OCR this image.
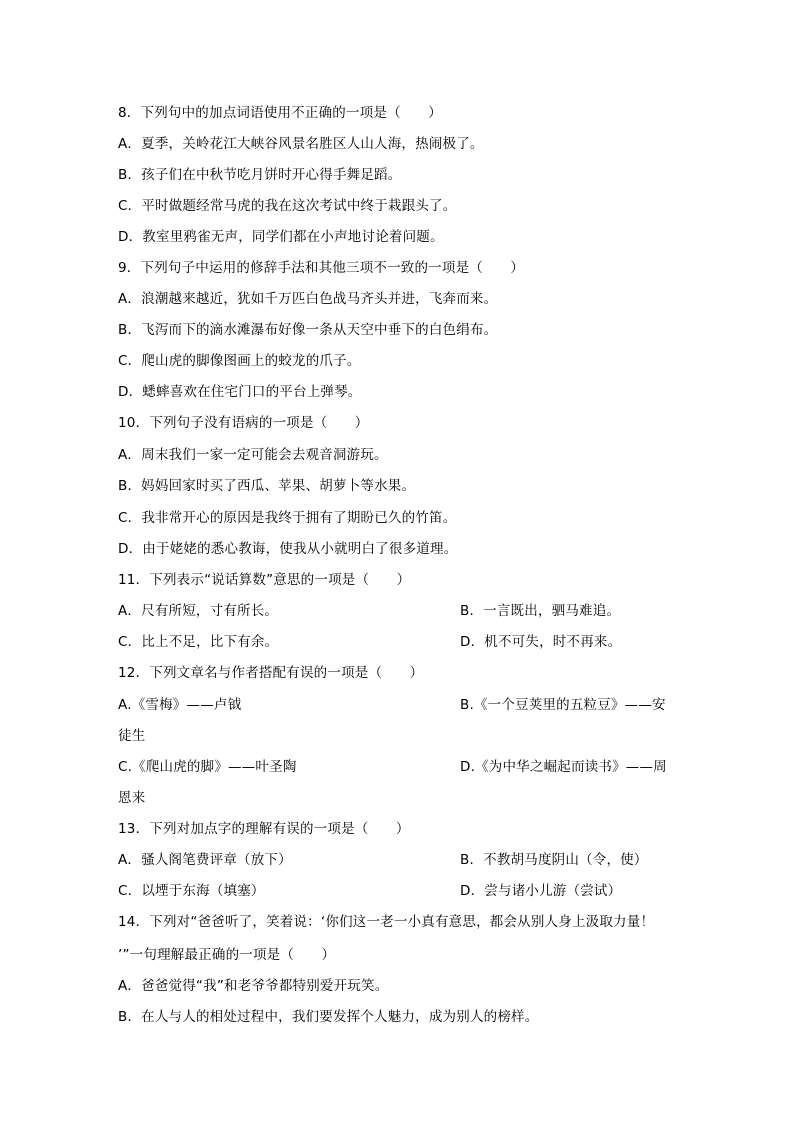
8．下列句中的加点词语使用不正确的一项是（　　）
A．夏季，关岭花江大峡谷风景名胜区人山人海，热闹极了。
B．孩子们在中秋节吃月饼时开心得手舞足蹈。
C．平时做题经常马虎的我在这次考试中终于栽跟头了。
D．教室里鸦雀无声，同学们都在小声地讨论着问题。
9．下列句子中运用的修辞手法和其他三项不一致的一项是（　　）
A．浪潮越来越近，犹如千万匹白色战马齐头并进，飞奔而来。
B．飞泻而下的滴水滩瀑布好像一条从天空中垂下的白色绢布。
C．爬山虎的脚像图画上的蛟龙的爪子。
D．蟋蟀喜欢在住宅门口的平台上弹琴。
10．下列句子没有语病的一项是（　　）
A．周末我们一家一定可能会去观音洞游玩。
B．妈妈回家时买了西瓜、苹果、胡萝卜等水果。
C．我非常开心的原因是我终于拥有了期盼已久的竹笛。
D．由于姥姥的悉心教诲，使我从小就明白了很多道理。
11．下列表示“说话算数”意思的一项是（　　）
A．尺有所短，寸有所长。	B．一言既出，驷马难追。
C．比上不足，比下有余。	D．机不可失，时不再来。
12．下列文章名与作者搭配有误的一项是（　　）
A.《雪梅》——卢钺	B.《一个豆荚里的五粒豆》——安
徒生
C.《爬山虎的脚》——叶圣陶	D.《为中华之崛起而读书》——周
恩来
13．下列对加点字的理解有误的一项是（　　）
A．骚人阁笔费评章（放下）	B．不教胡马度阴山（令，使）
C．以堙于东海（填塞）	D．尝与诸小儿游（尝试）
14．下列对“爸爸听了，笑着说：‘你们这一老一小真有意思，都会从别人身上汲取力量！
’”一句理解最正确的一项是（　　）
A．爸爸觉得“我”和老爷爷都特别爱开玩笑。
B．在人与人的相处过程中，我们要发挥个人魅力，成为别人的榜样。
